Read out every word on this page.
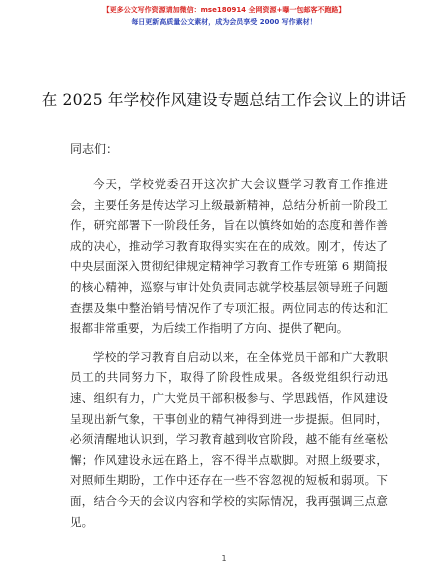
【更多公文写作资源请加微信：mse180914 全网资源+曝一包邮客不跑路】
每日更新高质量公文素材，成为会员享受 2000 写作素材！
在 2025 年学校作风建设专题总结工作会议上的讲话
同志们：

今天，学校党委召开这次扩大会议暨学习教育工作推进会，主要任务是传达学习上级最新精神，总结分析前一阶段工作，研究部署下一阶段任务，旨在以慎终如始的态度和善作善成的决心，推动学习教育取得实实在在的成效。刚才，传达了中央层面深入贯彻纪律规定精神学习教育工作专班第 6 期简报的核心精神，巡察与审计处负责同志就学校基层领导班子问题查摆及集中整治销号情况作了专项汇报。两位同志的传达和汇报都非常重要，为后续工作指明了方向、提供了靶向。

学校的学习教育自启动以来，在全体党员干部和广大教职员工的共同努力下，取得了阶段性成果。各级党组织行动迅速、组织有力，广大党员干部积极参与、学思践悟，作风建设呈现出新气象，干事创业的精气神得到进一步提振。但同时，必须清醒地认识到，学习教育越到收官阶段，越不能有丝毫松懈；作风建设永远在路上，容不得半点歇脚。对照上级要求，对照师生期盼，工作中还存在一些不容忽视的短板和弱项。下面，结合今天的会议内容和学校的实际情况，我再强调三点意见。

1
